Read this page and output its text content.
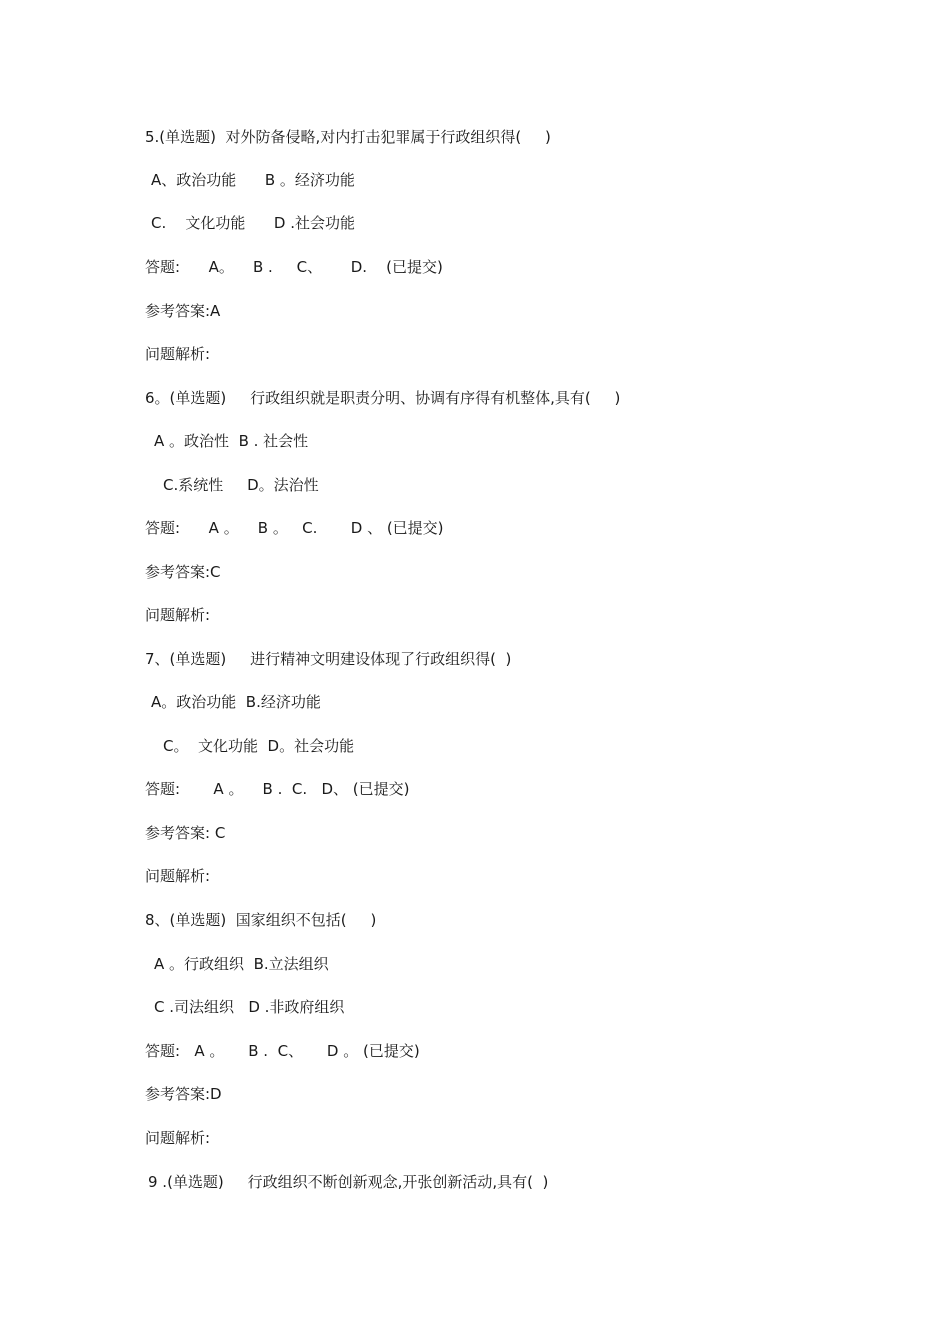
5.(单选题)  对外防备侵略,对内打击犯罪属于行政组织得(     )
A、政治功能      B 。经济功能
C.    文化功能      D .社会功能
答题:      A。    B .     C、      D.    (已提交)
参考答案:A
问题解析:
6。(单选题)     行政组织就是职责分明、协调有序得有机整体,具有(     )
A 。政治性  B . 社会性
C.系统性     D。法治性
答题:      A 。    B 。   C.       D 、 (已提交)
参考答案:C
问题解析:
7、(单选题)     进行精神文明建设体现了行政组织得(  )
A。政治功能  B.经济功能
C。  文化功能  D。社会功能
答题:       A 。    B .  C.   D、 (已提交)
参考答案: C
问题解析:
8、(单选题)  国家组织不包括(     )
A 。行政组织  B.立法组织
C .司法组织   D .非政府组织
答题:   A 。     B .  C、     D 。 (已提交)
参考答案:D
问题解析:
9 .(单选题)     行政组织不断创新观念,开张创新活动,具有(  )
